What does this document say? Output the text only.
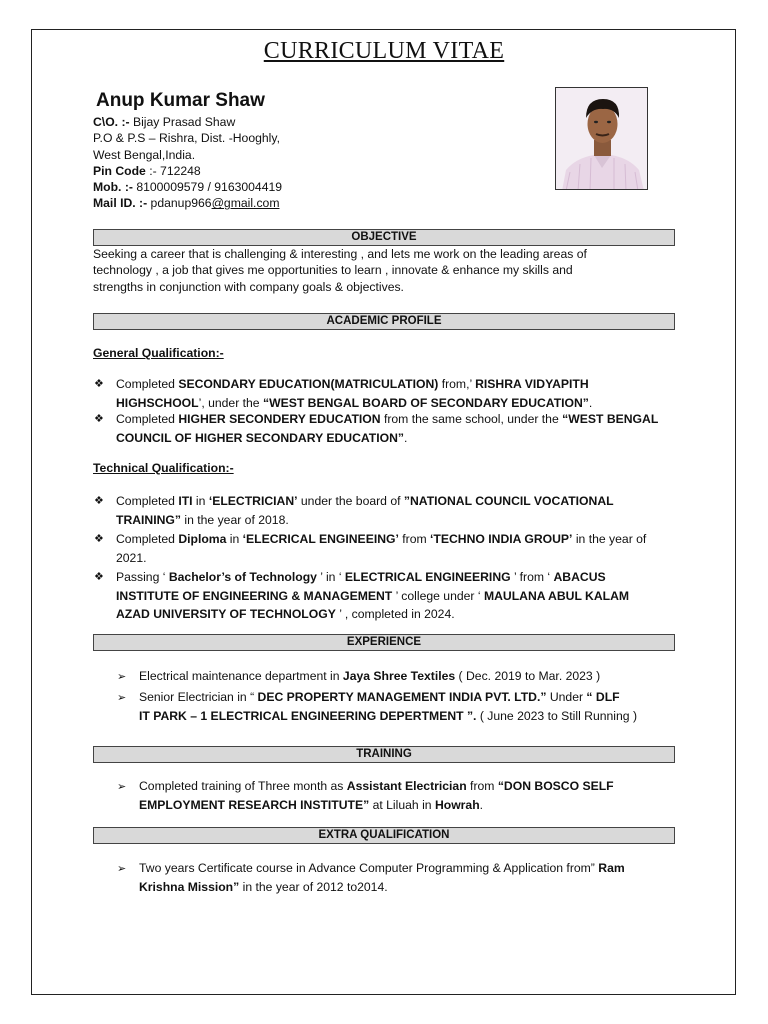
CURRICULUM VITAE
Anup Kumar Shaw
C\O. :- Bijay Prasad Shaw
P.O & P.S – Rishra, Dist. -Hooghly,
West Bengal,India.
Pin Code :- 712248
Mob. :- 8100009579 / 9163004419
Mail ID. :- pdanup966@gmail.com
OBJECTIVE
Seeking a career that is challenging & interesting , and lets me work on the leading areas of
technology , a job that gives me opportunities to learn , innovate & enhance my skills and
strengths in conjunction with company goals & objectives.
ACADEMIC PROFILE
General Qualification:-
❖ Completed SECONDARY EDUCATION(MATRICULATION) from,’ RISHRA VIDYAPITH
HIGHSCHOOL’, under the “WEST BENGAL BOARD OF SECONDARY EDUCATION”.
❖ Completed HIGHER SECONDERY EDUCATION from the same school, under the “WEST BENGAL
COUNCIL OF HIGHER SECONDARY EDUCATION”.
Technical Qualification:-
❖ Completed ITI in ‘ELECTRICIAN’ under the board of ”NATIONAL COUNCIL VOCATIONAL
TRAINING” in the year of 2018.
❖ Completed Diploma in ‘ELECRICAL ENGINEEING’ from ‘TECHNO INDIA GROUP’ in the year of
2021.
❖ Passing ‘ Bachelor’s of Technology ’ in ‘ ELECTRICAL ENGINEERING ’ from ‘ ABACUS
INSTITUTE OF ENGINEERING & MANAGEMENT ’ college under ‘ MAULANA ABUL KALAM
AZAD UNIVERSITY OF TECHNOLOGY ’ , completed in 2024.
EXPERIENCE
➢ Electrical maintenance department in Jaya Shree Textiles ( Dec. 2019 to Mar. 2023 )
➢ Senior Electrician in “ DEC PROPERTY MANAGEMENT INDIA PVT. LTD.” Under “ DLF
IT PARK – 1 ELECTRICAL ENGINEERING DEPERTMENT ”. ( June 2023 to Still Running )
TRAINING
➢ Completed training of Three month as Assistant Electrician from “DON BOSCO SELF
EMPLOYMENT RESEARCH INSTITUTE” at Liluah in Howrah.
EXTRA QUALIFICATION
➢ Two years Certificate course in Advance Computer Programming & Application from” Ram
Krishna Mission” in the year of 2012 to2014.
